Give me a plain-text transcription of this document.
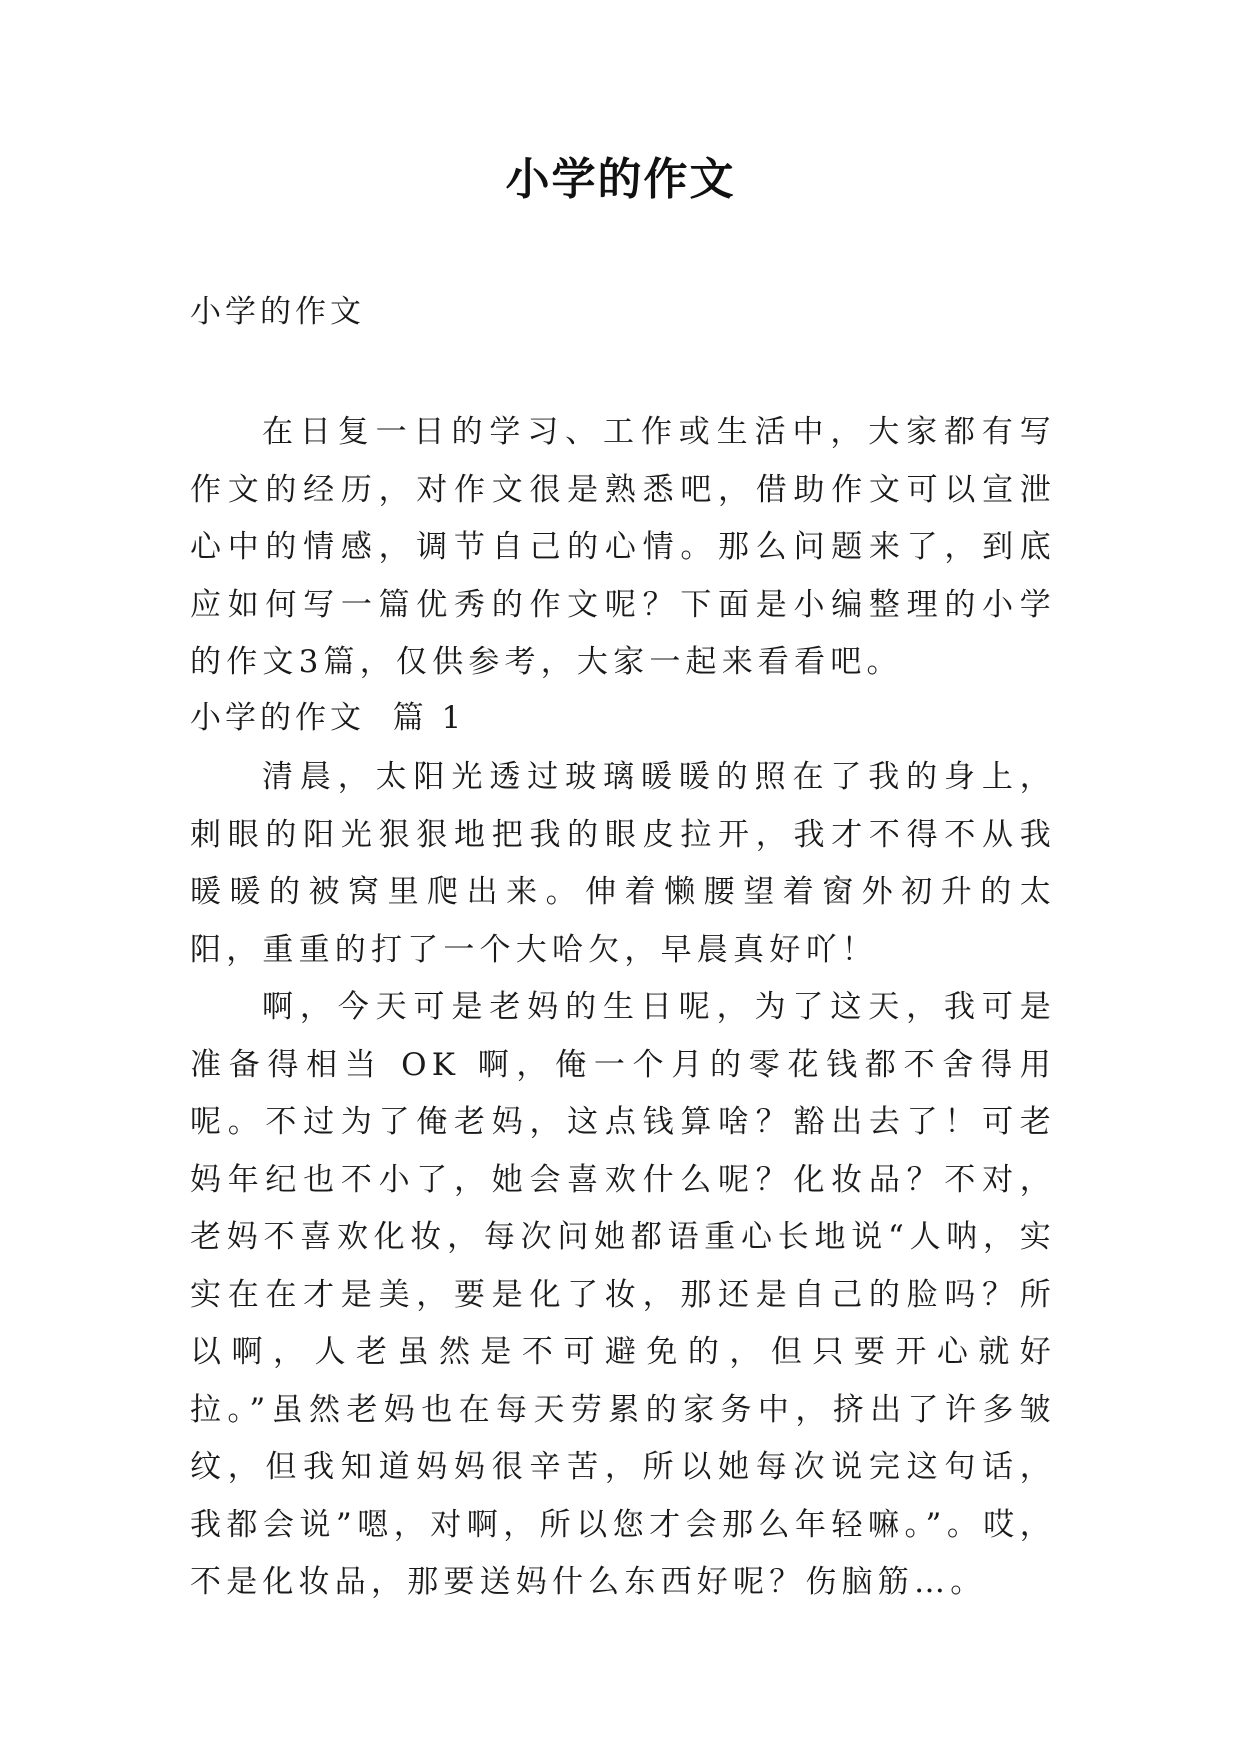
小学的作文
小学的作文
在日复一日的学习、工作或生活中，大家都有写作文的经历，对作文很是熟悉吧，借助作文可以宣泄心中的情感，调节自己的心情。那么问题来了，到底应如何写一篇优秀的作文呢？下面是小编整理的小学的作文3篇，仅供参考，大家一起来看看吧。
小学的作文  篇 1
清晨，太阳光透过玻璃暖暖的照在了我的身上，刺眼的阳光狠狠地把我的眼皮拉开，我才不得不从我暖暖的被窝里爬出来。伸着懒腰望着窗外初升的太阳，重重的打了一个大哈欠，早晨真好吖！
啊，今天可是老妈的生日呢，为了这天，我可是准备得相当 OK 啊，俺一个月的零花钱都不舍得用呢。不过为了俺老妈，这点钱算啥？豁出去了！可老妈年纪也不小了，她会喜欢什么呢？化妆品？不对，老妈不喜欢化妆，每次问她都语重心长地说“人呐，实实在在才是美，要是化了妆，那还是自己的脸吗？所以啊，人老虽然是不可避免的，但只要开心就好拉。”虽然老妈也在每天劳累的家务中，挤出了许多皱纹，但我知道妈妈很辛苦，所以她每次说完这句话，我都会说”嗯，对啊，所以您才会那么年轻嘛。”。哎，不是化妆品，那要送妈什么东西好呢？伤脑筋…。
